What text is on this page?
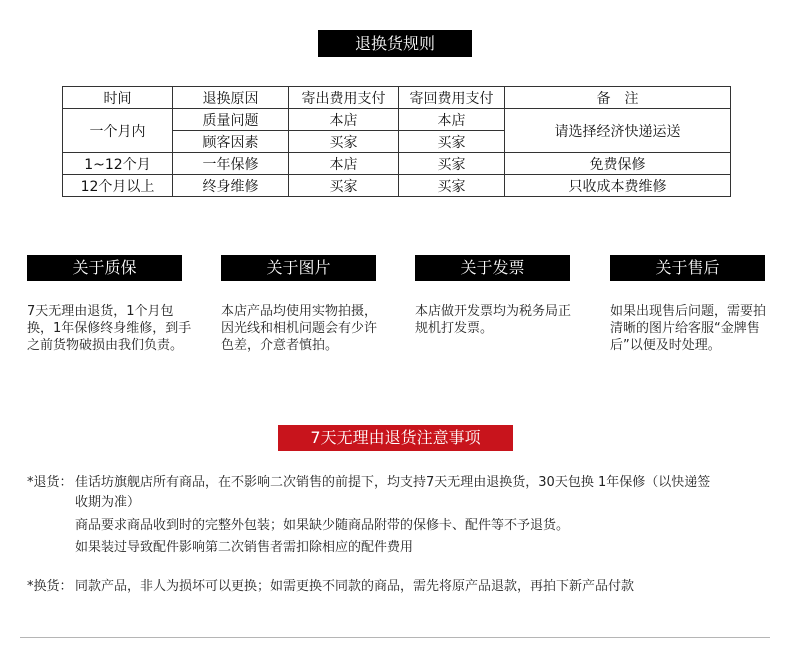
退换货规则
时间	退换原因	寄出费用支付	寄回费用支付	备　注
一个月内	质量问题	本店	本店	请选择经济快递运送
	顾客因素	买家	买家	
1~12个月	一年保修	本店	买家	免费保修
12个月以上	终身维修	买家	买家	只收成本费维修
关于质保	关于图片	关于发票	关于售后
7天无理由退货，1个月包换，1年保修终身维修，到手之前货物破损由我们负责。
本店产品均使用实物拍摄，因光线和相机问题会有少许色差，介意者慎拍。
本店做开发票均为税务局正规机打发票。
如果出现售后问题，需要拍清晰的图片给客服“金牌售后”以便及时处理。
7天无理由退货注意事项
*退货： 佳话坊旗舰店所有商品，在不影响二次销售的前提下，均支持7天无理由退换货，30天包换 1年保修（以快递签
收期为准）
商品要求商品收到时的完整外包装；如果缺少随商品附带的保修卡、配件等不予退货。
如果装过导致配件影响第二次销售者需扣除相应的配件费用
*换货： 同款产品，非人为损坏可以更换；如需更换不同款的商品，需先将原产品退款，再拍下新产品付款
